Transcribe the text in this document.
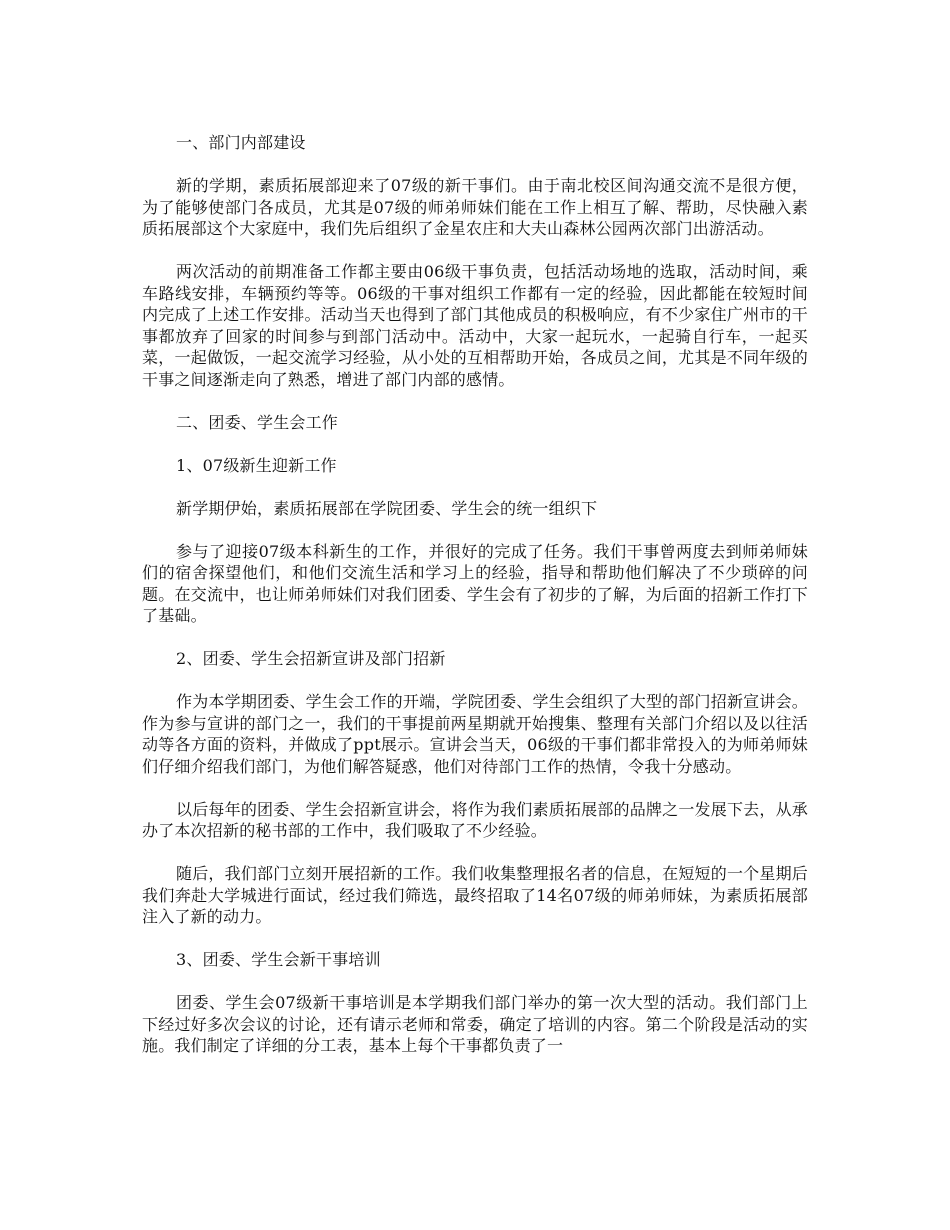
一、部门内部建设

新的学期，素质拓展部迎来了07级的新干事们。由于南北校区间沟通交流不是很方便，为了能够使部门各成员，尤其是07级的师弟师妹们能在工作上相互了解、帮助，尽快融入素质拓展部这个大家庭中，我们先后组织了金星农庄和大夫山森林公园两次部门出游活动。

两次活动的前期准备工作都主要由06级干事负责，包括活动场地的选取，活动时间，乘车路线安排，车辆预约等等。06级的干事对组织工作都有一定的经验，因此都能在较短时间内完成了上述工作安排。活动当天也得到了部门其他成员的积极响应，有不少家住广州市的干事都放弃了回家的时间参与到部门活动中。活动中，大家一起玩水，一起骑自行车，一起买菜，一起做饭，一起交流学习经验，从小处的互相帮助开始，各成员之间，尤其是不同年级的干事之间逐渐走向了熟悉，增进了部门内部的感情。

二、团委、学生会工作

1、07级新生迎新工作

新学期伊始，素质拓展部在学院团委、学生会的统一组织下

参与了迎接07级本科新生的工作，并很好的完成了任务。我们干事曾两度去到师弟师妹们的宿舍探望他们，和他们交流生活和学习上的经验，指导和帮助他们解决了不少琐碎的问题。在交流中，也让师弟师妹们对我们团委、学生会有了初步的了解，为后面的招新工作打下了基础。

2、团委、学生会招新宣讲及部门招新

作为本学期团委、学生会工作的开端，学院团委、学生会组织了大型的部门招新宣讲会。作为参与宣讲的部门之一，我们的干事提前两星期就开始搜集、整理有关部门介绍以及以往活动等各方面的资料，并做成了ppt展示。宣讲会当天，06级的干事们都非常投入的为师弟师妹们仔细介绍我们部门，为他们解答疑惑，他们对待部门工作的热情，令我十分感动。

以后每年的团委、学生会招新宣讲会，将作为我们素质拓展部的品牌之一发展下去，从承办了本次招新的秘书部的工作中，我们吸取了不少经验。

随后，我们部门立刻开展招新的工作。我们收集整理报名者的信息，在短短的一个星期后我们奔赴大学城进行面试，经过我们筛选，最终招取了14名07级的师弟师妹，为素质拓展部注入了新的动力。

3、团委、学生会新干事培训

团委、学生会07级新干事培训是本学期我们部门举办的第一次大型的活动。我们部门上下经过好多次会议的讨论，还有请示老师和常委，确定了培训的内容。第二个阶段是活动的实施。我们制定了详细的分工表，基本上每个干事都负责了一
